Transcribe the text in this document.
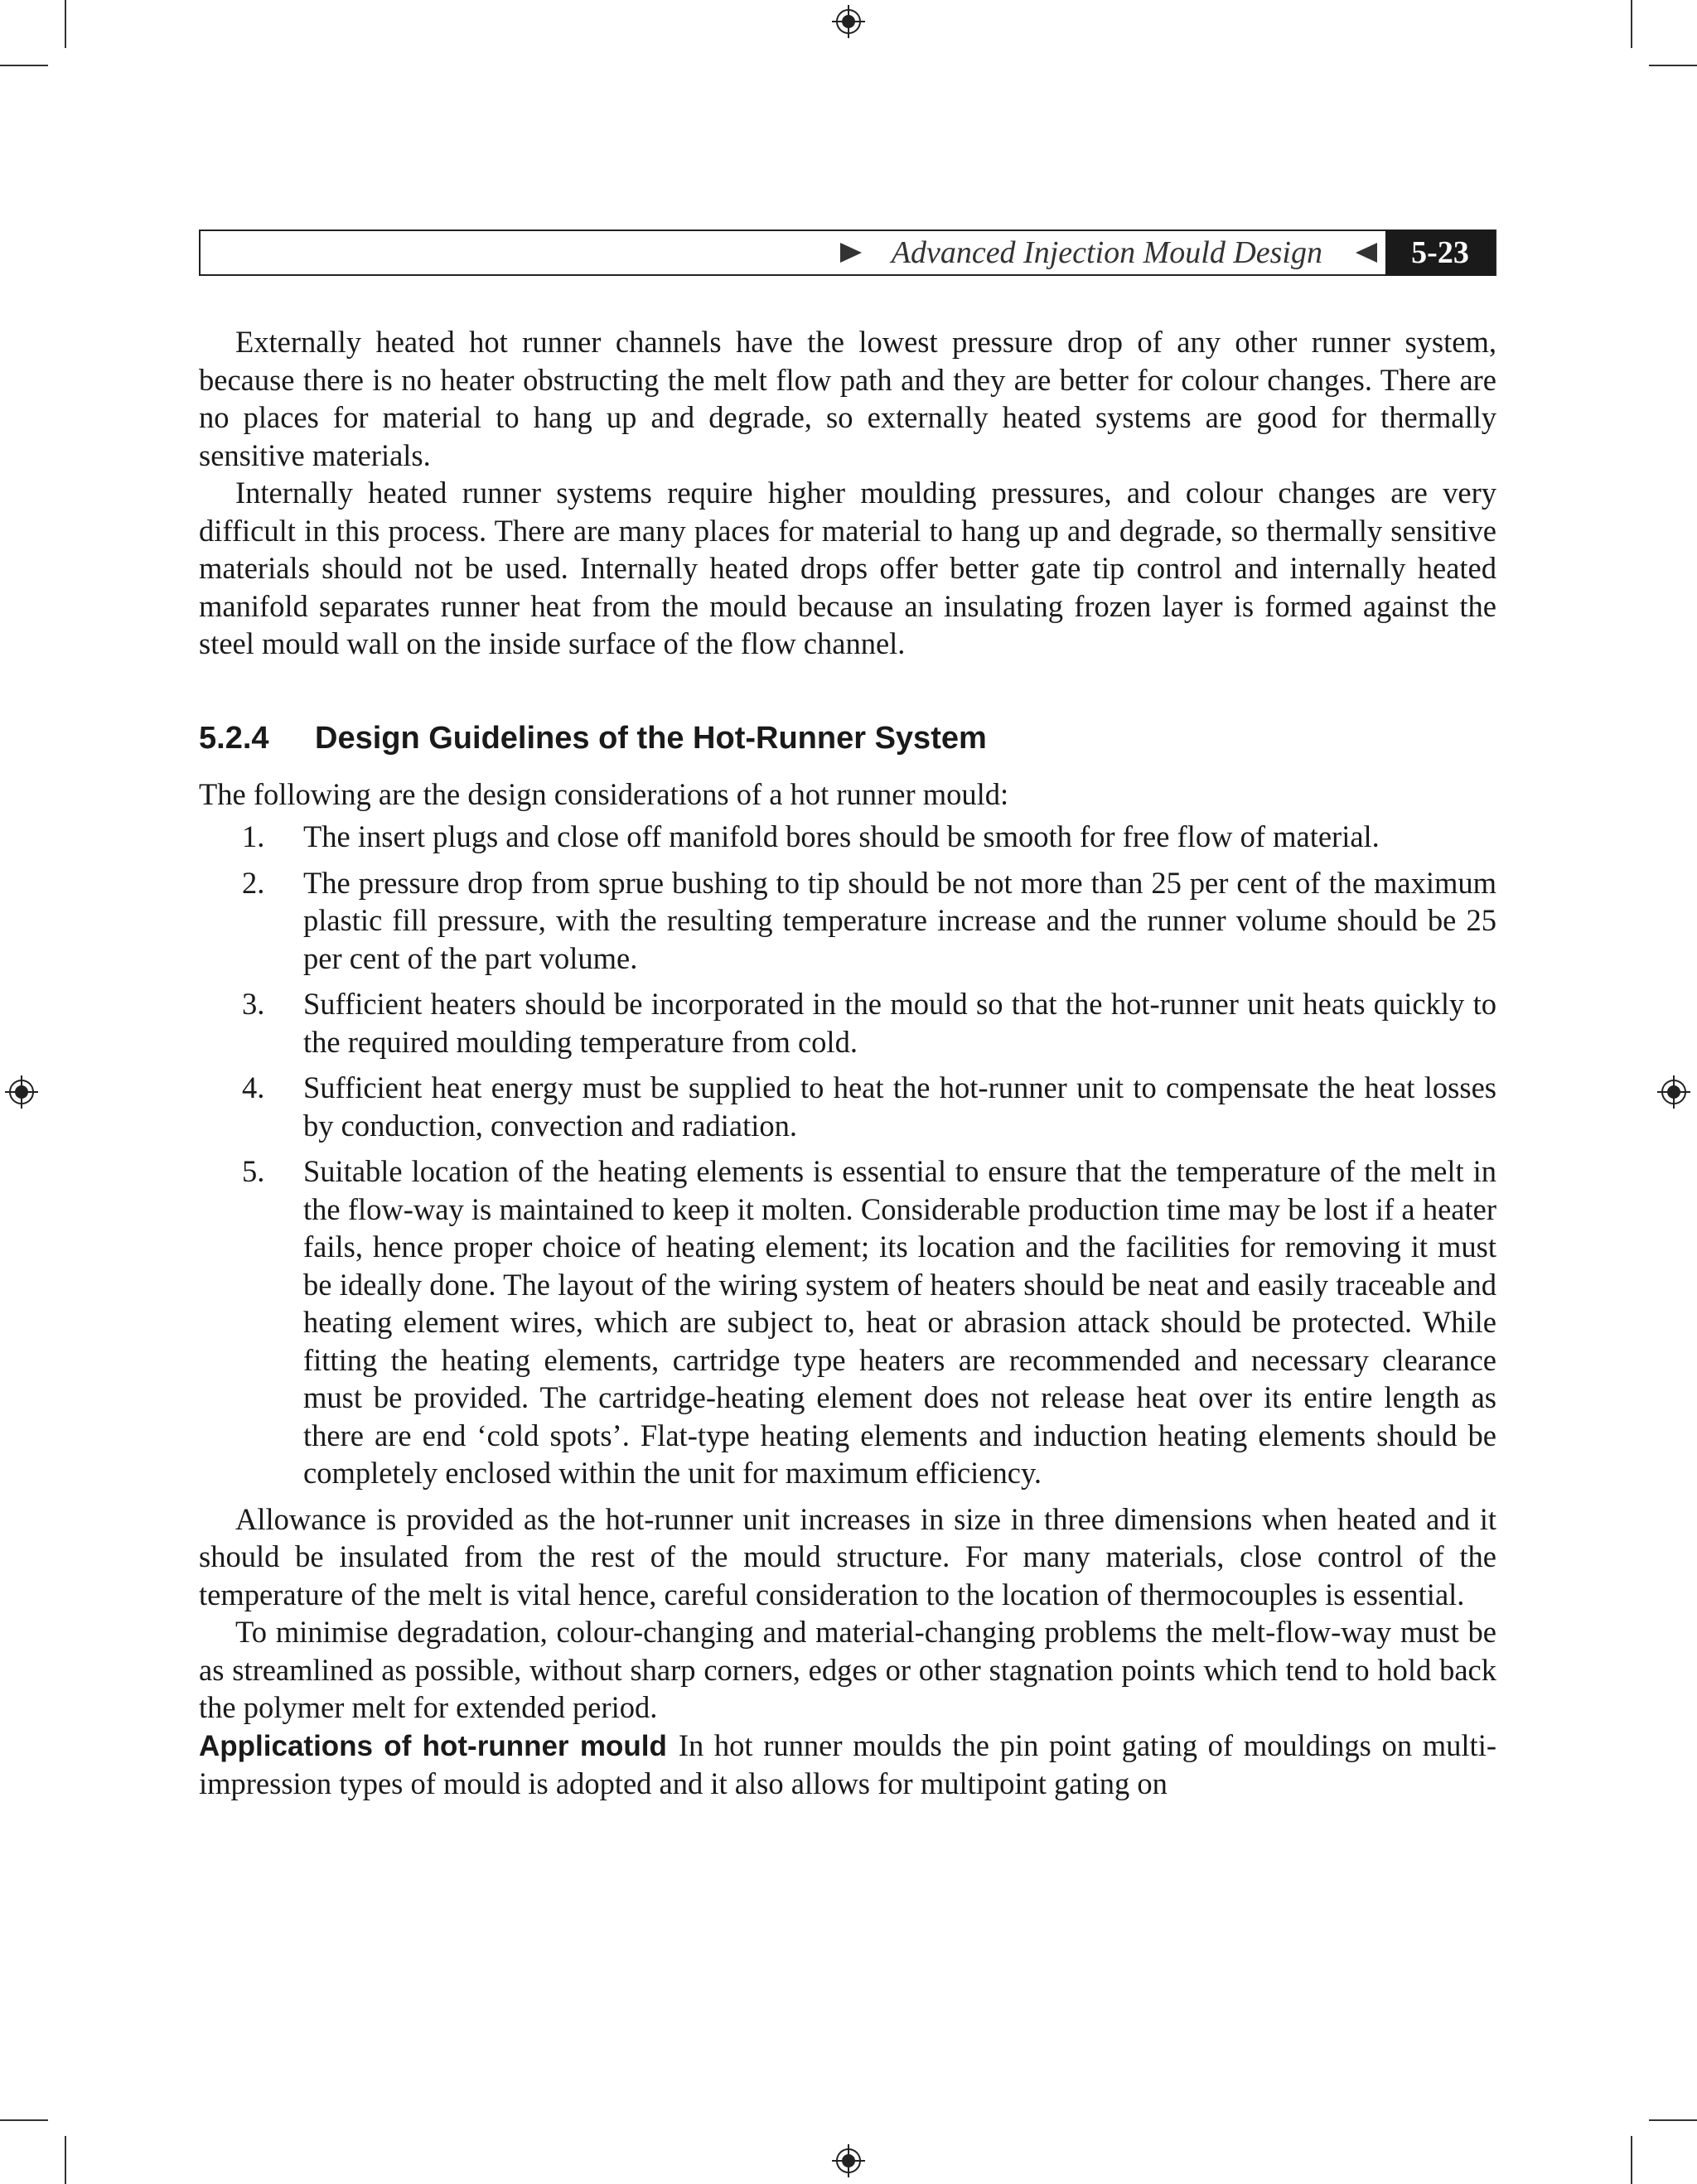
Advanced Injection Mould Design	5-23

Externally heated hot runner channels have the lowest pressure drop of any other runner system, because there is no heater obstructing the melt flow path and they are better for colour changes. There are no places for material to hang up and degrade, so externally heated systems are good for thermally sensitive materials.

Internally heated runner systems require higher moulding pressures, and colour changes are very difficult in this process. There are many places for material to hang up and degrade, so thermally sensitive materials should not be used. Internally heated drops offer better gate tip control and internally heated manifold separates runner heat from the mould because an insulating frozen layer is formed against the steel mould wall on the inside surface of the flow channel.

5.2.4 Design Guidelines of the Hot-Runner System

The following are the design considerations of a hot runner mould:

1.	The insert plugs and close off manifold bores should be smooth for free flow of material.
2.	The pressure drop from sprue bushing to tip should be not more than 25 per cent of the maximum plastic fill pressure, with the resulting temperature increase and the runner volume should be 25 per cent of the part volume.
3.	Sufficient heaters should be incorporated in the mould so that the hot-runner unit heats quickly to the required moulding temperature from cold.
4.	Sufficient heat energy must be supplied to heat the hot-runner unit to compensate the heat losses by conduction, convection and radiation.
5.	Suitable location of the heating elements is essential to ensure that the temperature of the melt in the flow-way is maintained to keep it molten. Considerable production time may be lost if a heater fails, hence proper choice of heating element; its location and the facilities for removing it must be ideally done. The layout of the wiring system of heaters should be neat and easily traceable and heating element wires, which are subject to, heat or abrasion attack should be protected. While fitting the heating elements, cartridge type heaters are recommended and necessary clearance must be provided. The cartridge-heating element does not release heat over its entire length as there are end ‘cold spots’. Flat-type heating elements and induction heating elements should be completely enclosed within the unit for maximum efficiency.

Allowance is provided as the hot-runner unit increases in size in three dimensions when heated and it should be insulated from the rest of the mould structure. For many materials, close control of the temperature of the melt is vital hence, careful consideration to the location of thermocouples is essential.

To minimise degradation, colour-changing and material-changing problems the melt-flow-way must be as streamlined as possible, without sharp corners, edges or other stagnation points which tend to hold back the polymer melt for extended period.

Applications of hot-runner mould In hot runner moulds the pin point gating of mouldings on multi-impression types of mould is adopted and it also allows for multipoint gating on
